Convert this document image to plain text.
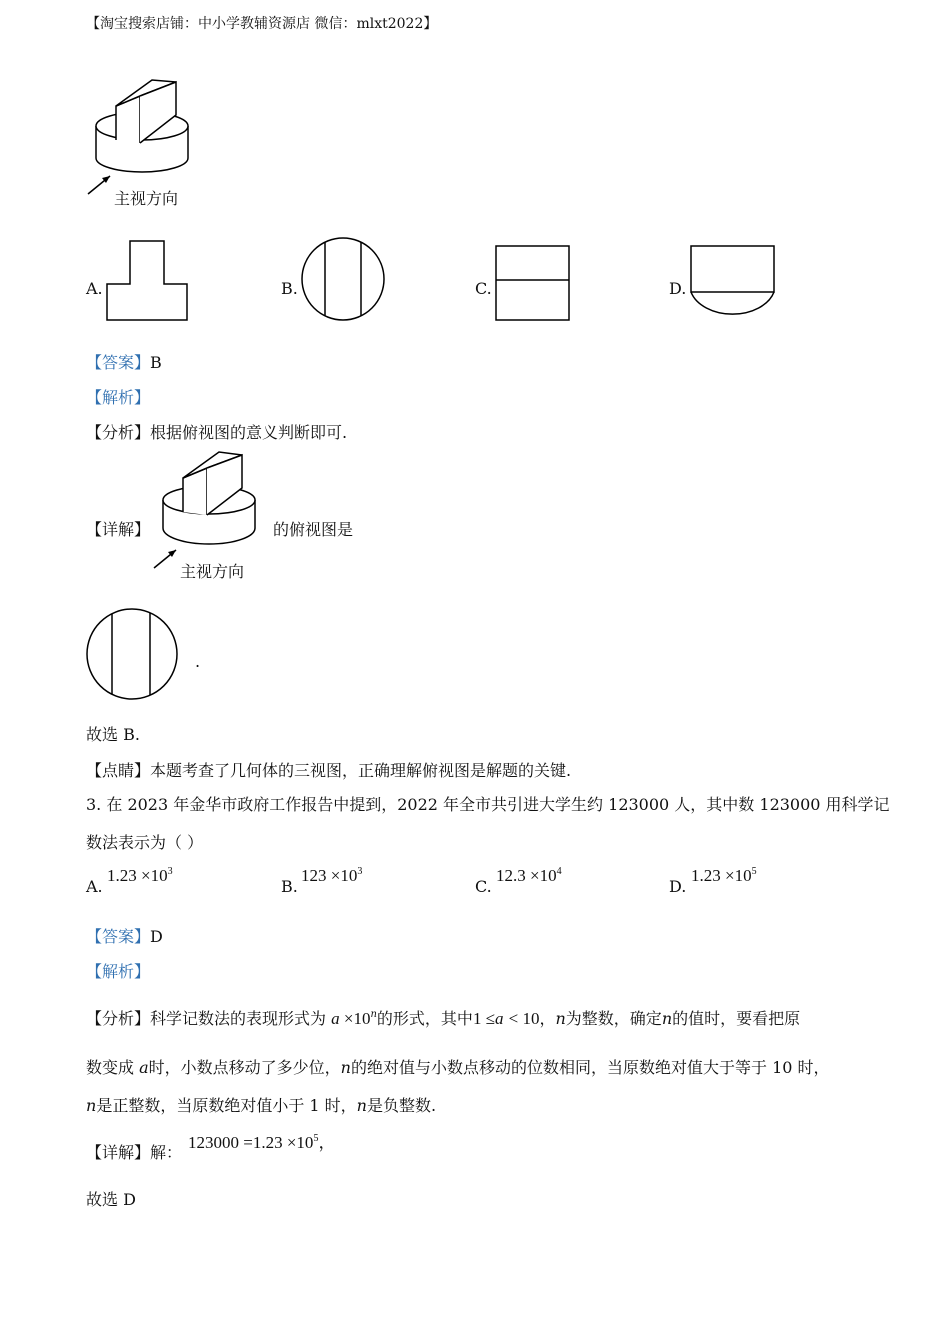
【淘宝搜索店铺：中小学教辅资源店 微信：mlxt2022】
主视方向
A.	B.	C.	D.
【答案】B
【解析】
【分析】根据俯视图的意义判断即可.
【详解】	的俯视图是
主视方向
.
故选 B.
【点睛】本题考查了几何体的三视图，正确理解俯视图是解题的关键.
3. 在 2023 年金华市政府工作报告中提到，2022 年全市共引进大学生约 123000 人，其中数 123000 用科学记
数法表示为（ ）
A.
$1.23 \times 10^3$
B.
$123 \times 10^3$
C.
$12.3 \times 10^4$
D.
$1.23 \times 10^5$
【答案】D
【解析】
【分析】科学记数法的表现形式为 $a \times 10^n$的形式，其中1 ≤a < 10，n为整数，确定n的值时，要看把原
数变成 a时，小数点移动了多少位，n的绝对值与小数点移动的位数相同，当原数绝对值大于等于 10 时，
n是正整数，当原数绝对值小于 1 时，n是负整数.
【详解】解：
$123000 =1.23 \times 10^5$，
故选 D
